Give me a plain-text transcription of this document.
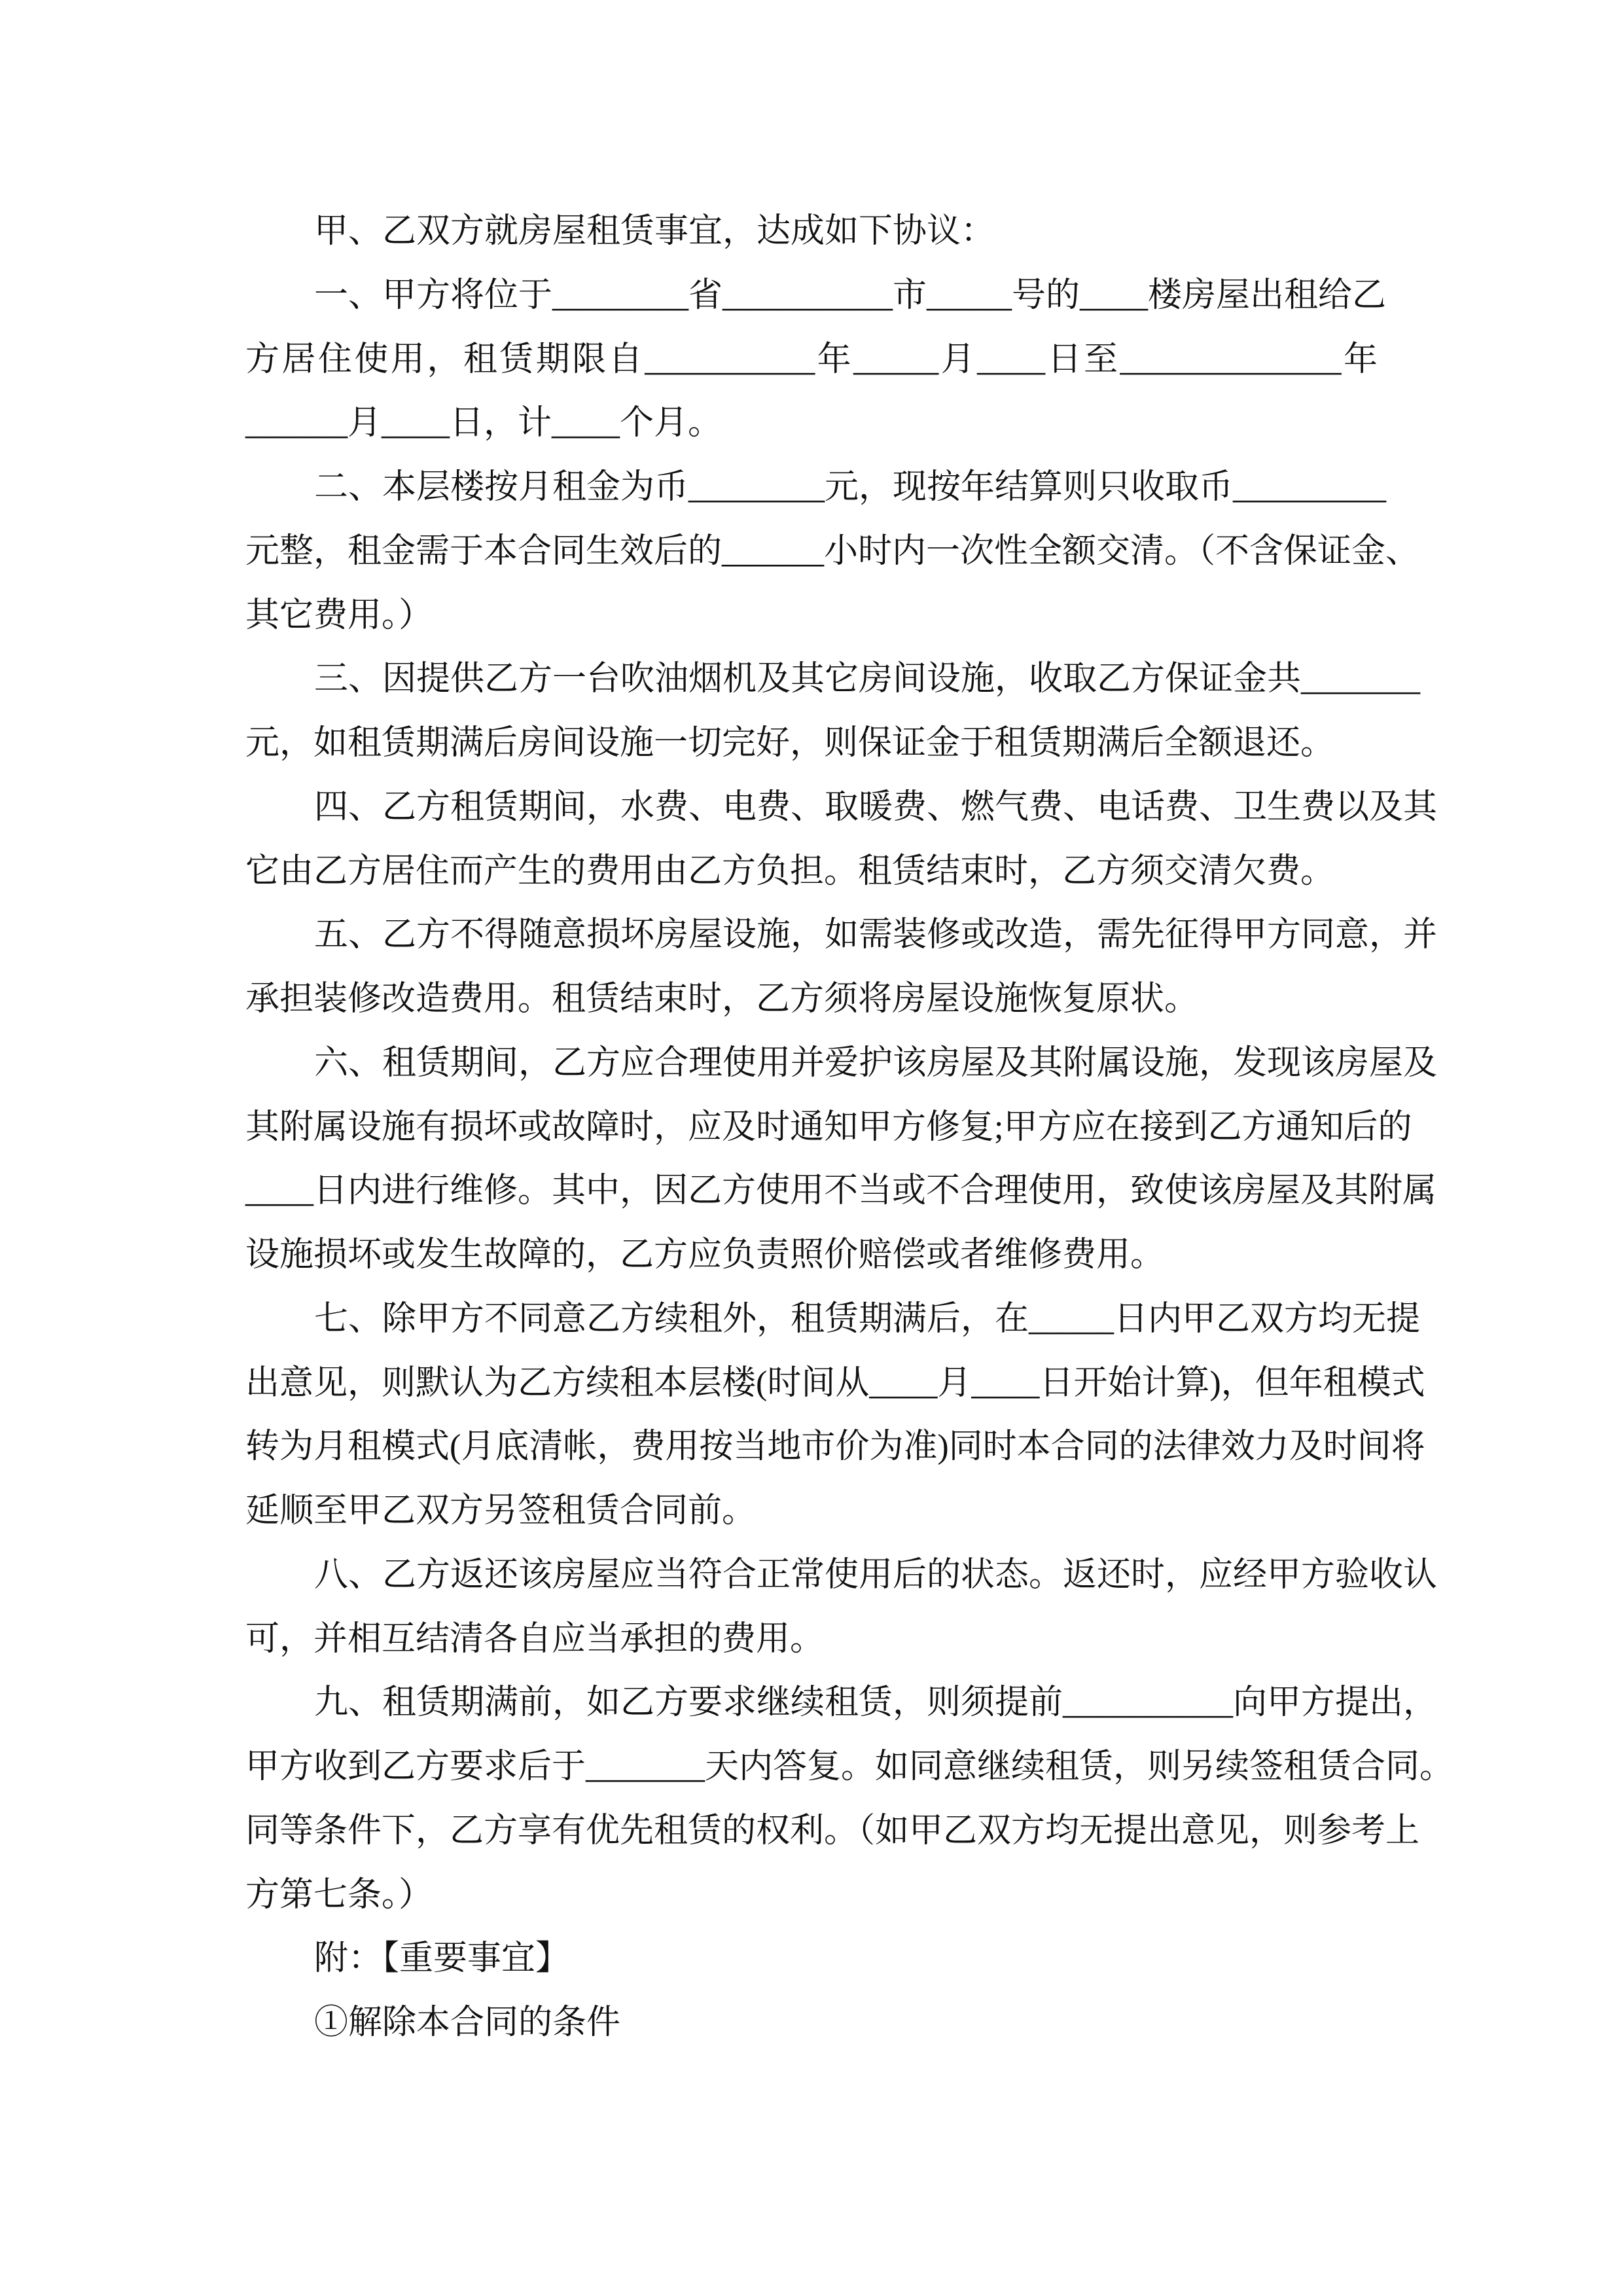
甲、乙双方就房屋租赁事宜，达成如下协议：
一、甲方将位于________省__________市_____号的____楼房屋出租给乙
方居住使用，租赁期限自__________年_____月____日至_____________年
______月____日，计____个月。
二、本层楼按月租金为币________元，现按年结算则只收取币_________
元整，租金需于本合同生效后的______小时内一次性全额交清。（不含保证金、
其它费用。）
三、因提供乙方一台吹油烟机及其它房间设施，收取乙方保证金共_______
元，如租赁期满后房间设施一切完好，则保证金于租赁期满后全额退还。
四、乙方租赁期间，水费、电费、取暖费、燃气费、电话费、卫生费以及其
它由乙方居住而产生的费用由乙方负担。租赁结束时，乙方须交清欠费。
五、乙方不得随意损坏房屋设施，如需装修或改造，需先征得甲方同意，并
承担装修改造费用。租赁结束时，乙方须将房屋设施恢复原状。
六、租赁期间，乙方应合理使用并爱护该房屋及其附属设施，发现该房屋及
其附属设施有损坏或故障时，应及时通知甲方修复;甲方应在接到乙方通知后的
____日内进行维修。其中，因乙方使用不当或不合理使用，致使该房屋及其附属
设施损坏或发生故障的，乙方应负责照价赔偿或者维修费用。
七、除甲方不同意乙方续租外，租赁期满后，在_____日内甲乙双方均无提
出意见，则默认为乙方续租本层楼(时间从____月____日开始计算)，但年租模式
转为月租模式(月底清帐，费用按当地市价为准)同时本合同的法律效力及时间将
延顺至甲乙双方另签租赁合同前。
八、乙方返还该房屋应当符合正常使用后的状态。返还时，应经甲方验收认
可，并相互结清各自应当承担的费用。
九、租赁期满前，如乙方要求继续租赁，则须提前__________向甲方提出，
甲方收到乙方要求后于_______天内答复。如同意继续租赁，则另续签租赁合同。
同等条件下，乙方享有优先租赁的权利。（如甲乙双方均无提出意见，则参考上
方第七条。）
附：【重要事宜】
①解除本合同的条件
